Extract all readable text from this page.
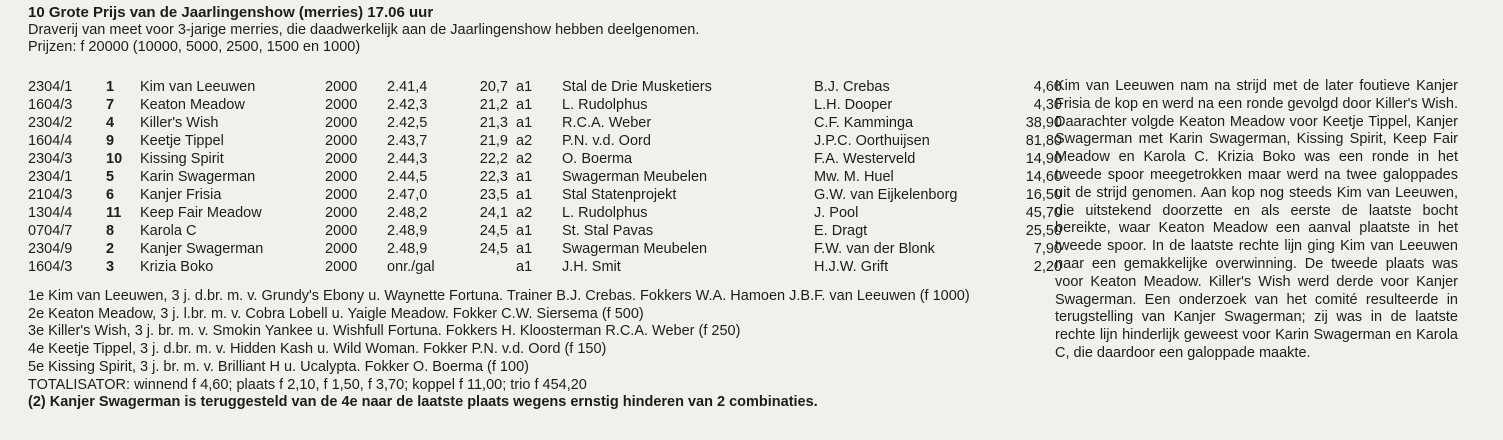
10 Grote Prijs van de Jaarlingenshow (merries) 17.06 uur

Draverij van meet voor 3-jarige merries, die daadwerkelijk aan de Jaarlingenshow hebben deelgenomen.

Prijzen: f 20000 (10000, 5000, 2500, 1500 en 1000)

2304/1	1	Kim van Leeuwen	2000	2.41,4	20,7	a1	Stal de Drie Musketiers	B.J. Crebas	4,60
1604/3	7	Keaton Meadow	2000	2.42,3	21,2	a1	L. Rudolphus	L.H. Dooper	4,30
2304/2	4	Killer's Wish	2000	2.42,5	21,3	a1	R.C.A. Weber	C.F. Kamminga	38,90
1604/4	9	Keetje Tippel	2000	2.43,7	21,9	a2	P.N. v.d. Oord	J.P.C. Oorthuijsen	81,80
2304/3	10	Kissing Spirit	2000	2.44,3	22,2	a2	O. Boerma	F.A. Westerveld	14,90
2304/1	5	Karin Swagerman	2000	2.44,5	22,3	a1	Swagerman Meubelen	Mw. M. Huel	14,60
2104/3	6	Kanjer Frisia	2000	2.47,0	23,5	a1	Stal Statenprojekt	G.W. van Eijkelenborg	16,50
1304/4	11	Keep Fair Meadow	2000	2.48,2	24,1	a2	L. Rudolphus	J. Pool	45,70
0704/7	8	Karola C	2000	2.48,9	24,5	a1	St. Stal Pavas	E. Dragt	25,50
2304/9	2	Kanjer Swagerman	2000	2.48,9	24,5	a1	Swagerman Meubelen	F.W. van der Blonk	7,90
1604/3	3	Krizia Boko	2000	onr./gal		a1	J.H. Smit	H.J.W. Grift	2,20

1e Kim van Leeuwen, 3 j. d.br. m. v. Grundy's Ebony u. Waynette Fortuna. Trainer B.J. Crebas. Fokkers W.A. Hamoen J.B.F. van Leeuwen (f 1000)

2e Keaton Meadow, 3 j. l.br. m. v. Cobra Lobell u. Yaigle Meadow. Fokker C.W. Siersema (f 500)

3e Killer's Wish, 3 j. br. m. v. Smokin Yankee u. Wishfull Fortuna. Fokkers H. Kloosterman R.C.A. Weber (f 250)

4e Keetje Tippel, 3 j. d.br. m. v. Hidden Kash u. Wild Woman. Fokker P.N. v.d. Oord (f 150)

5e Kissing Spirit, 3 j. br. m. v. Brilliant H u. Ucalypta. Fokker O. Boerma (f 100)

TOTALISATOR: winnend f 4,60; plaats f 2,10, f 1,50, f 3,70; koppel f 11,00; trio f 454,20

(2) Kanjer Swagerman is teruggesteld van de 4e naar de laatste plaats wegens ernstig hinderen van 2 combinaties.

Kim van Leeuwen nam na strijd met de later foutieve Kanjer Frisia de kop en werd na een ronde gevolgd door Killer's Wish. Daarachter volgde Keaton Meadow voor Keetje Tippel, Kanjer Swagerman met Karin Swagerman, Kissing Spirit, Keep Fair Meadow en Karola C. Krizia Boko was een ronde in het tweede spoor meegetrokken maar werd na twee galoppades uit de strijd genomen. Aan kop nog steeds Kim van Leeuwen, die uitstekend doorzette en als eerste de laatste bocht bereikte, waar Keaton Meadow een aanval plaatste in het tweede spoor. In de laatste rechte lijn ging Kim van Leeuwen naar een gemakkelijke overwinning. De tweede plaats was voor Keaton Meadow. Killer's Wish werd derde voor Kanjer Swagerman. Een onderzoek van het comité resulteerde in terugstelling van Kanjer Swagerman; zij was in de laatste rechte lijn hinderlijk geweest voor Karin Swagerman en Karola C, die daardoor een galoppade maakte.
